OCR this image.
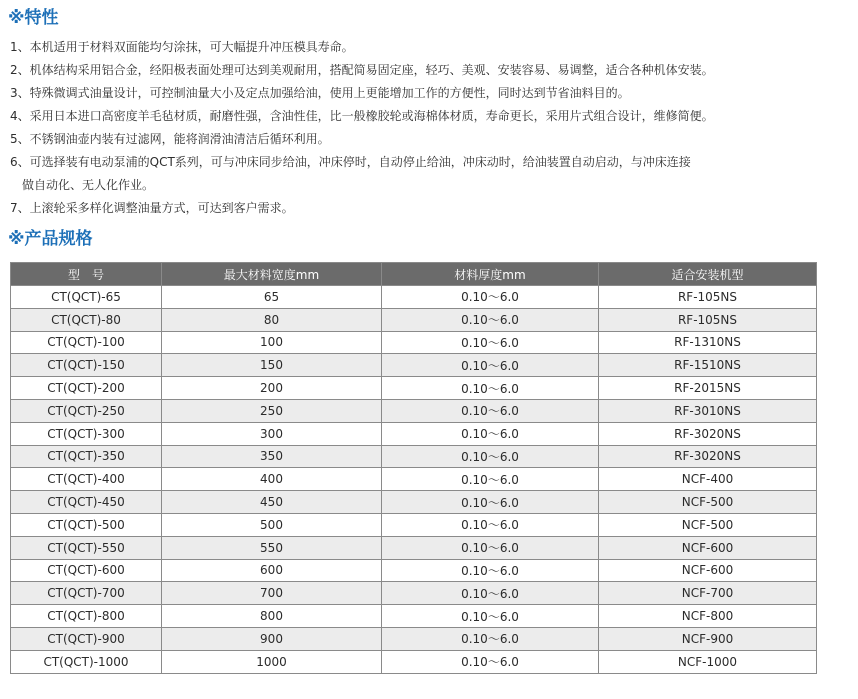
※特性
1、本机适用于材料双面能均匀涂抹，可大幅提升冲压模具寿命。
2、机体结构采用铝合金，经阳极表面处理可达到美观耐用，搭配简易固定座，轻巧、美观、安装容易、易调整，适合各种机体安装。
3、特殊微调式油量设计，可控制油量大小及定点加强给油，使用上更能增加工作的方便性，同时达到节省油料目的。
4、采用日本进口高密度羊毛毡材质，耐磨性强，含油性佳，比一般橡胶轮或海棉体材质，寿命更长，采用片式组合设计，维修简便。
5、不锈钢油壶内装有过滤网，能将润滑油清洁后循环利用。
6、可选择装有电动泵浦的QCT系列，可与冲床同步给油，冲床停时，自动停止给油，冲床动时，给油装置自动启动，与冲床连接
做自动化、无人化作业。
7、上滚轮采多样化调整油量方式，可达到客户需求。
※产品规格
型　号	最大材料宽度mm	材料厚度mm	适合安装机型
CT(QCT)-65	65	0.10～6.0	RF-105NS
CT(QCT)-80	80	0.10～6.0	RF-105NS
CT(QCT)-100	100	0.10～6.0	RF-1310NS
CT(QCT)-150	150	0.10～6.0	RF-1510NS
CT(QCT)-200	200	0.10～6.0	RF-2015NS
CT(QCT)-250	250	0.10～6.0	RF-3010NS
CT(QCT)-300	300	0.10～6.0	RF-3020NS
CT(QCT)-350	350	0.10～6.0	RF-3020NS
CT(QCT)-400	400	0.10～6.0	NCF-400
CT(QCT)-450	450	0.10～6.0	NCF-500
CT(QCT)-500	500	0.10～6.0	NCF-500
CT(QCT)-550	550	0.10～6.0	NCF-600
CT(QCT)-600	600	0.10～6.0	NCF-600
CT(QCT)-700	700	0.10～6.0	NCF-700
CT(QCT)-800	800	0.10～6.0	NCF-800
CT(QCT)-900	900	0.10～6.0	NCF-900
CT(QCT)-1000	1000	0.10～6.0	NCF-1000
